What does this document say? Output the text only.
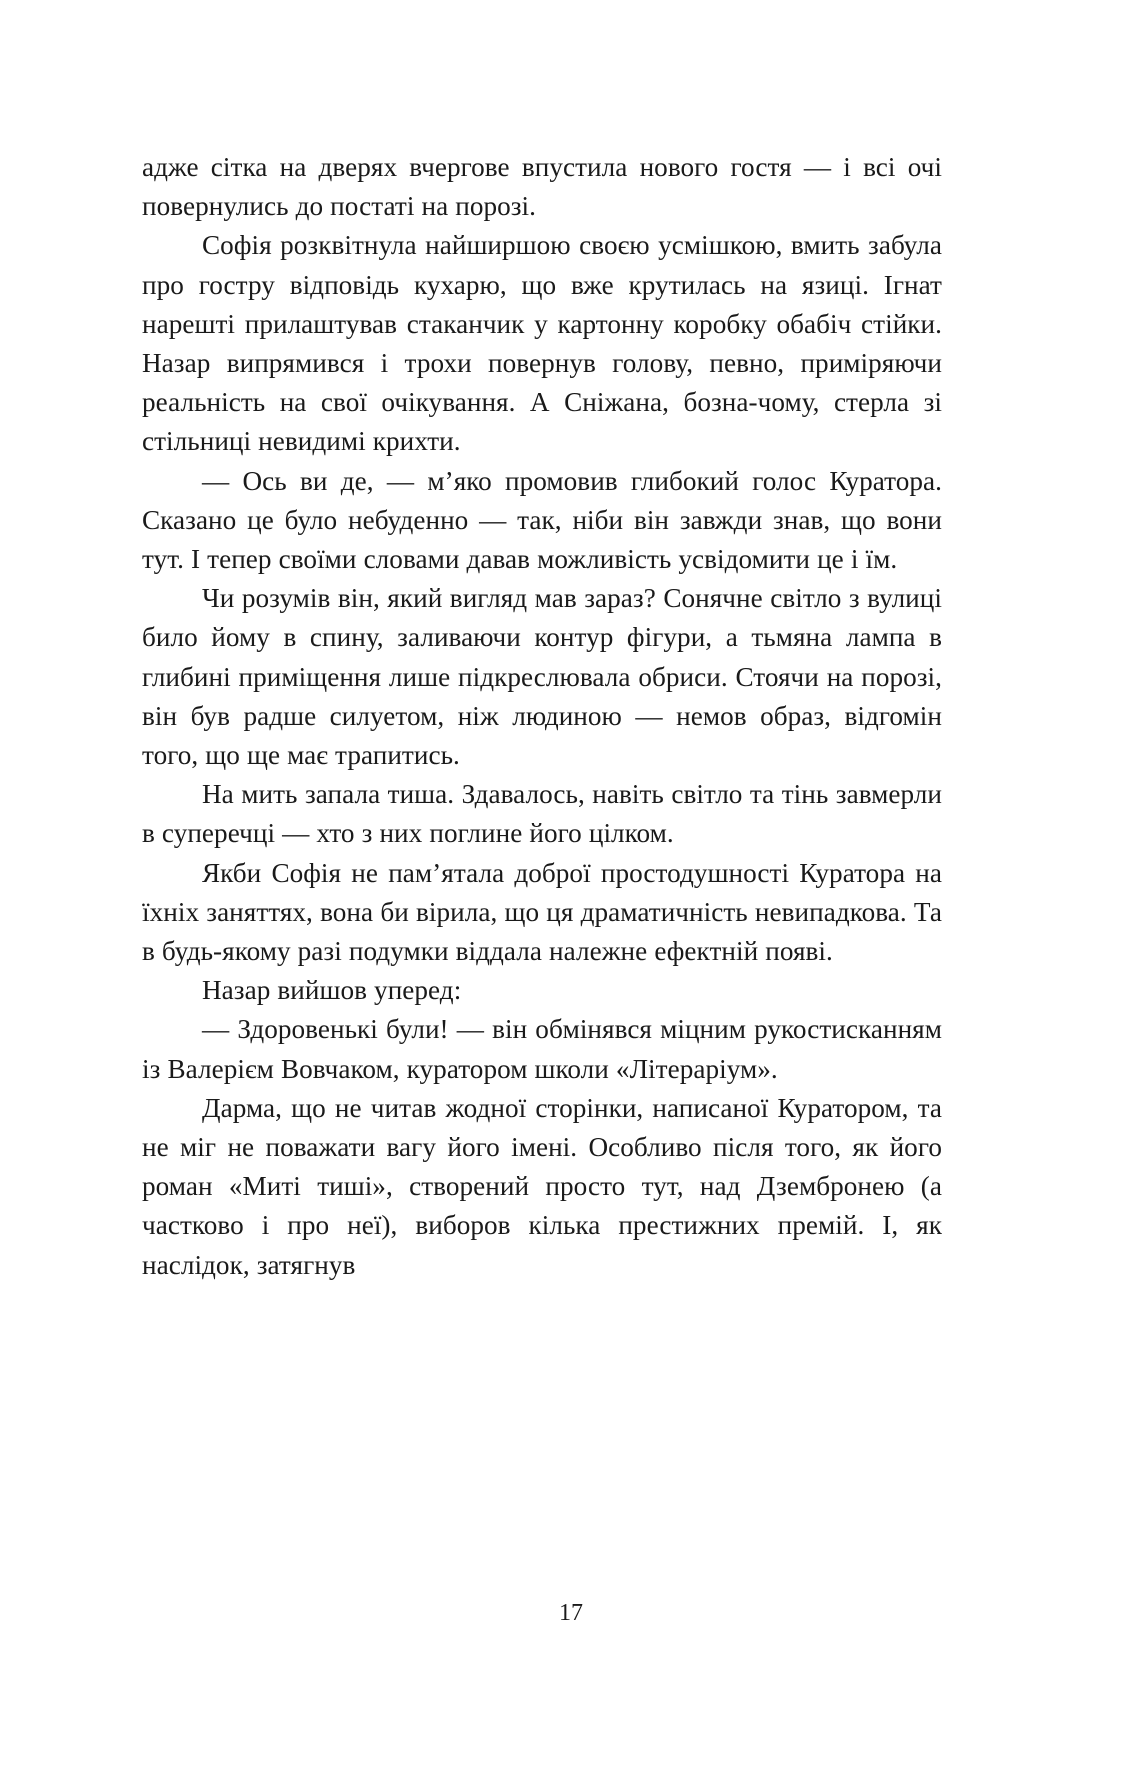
адже сітка на дверях вчергове впустила нового гостя — і всі очі повернулись до постаті на порозі.

Софія розквітнула найширшою своєю усмішкою, вмить забула про гостру відповідь кухарю, що вже крутилась на язиці. Ігнат нарешті прилаштував стаканчик у картонну коробку обабіч стійки. Назар випрямився і трохи повернув голову, певно, приміряючи реальність на свої очікування. А Сніжана, бозна-чому, стерла зі стільниці невидимі крихти.

— Ось ви де, — м’яко промовив глибокий голос Куратора. Сказано це було небуденно — так, ніби він завжди знав, що вони тут. І тепер своїми словами давав можливість усвідомити це і їм.

Чи розумів він, який вигляд мав зараз? Сонячне світло з вулиці било йому в спину, заливаючи контур фігури, а тьмяна лампа в глибині приміщення лише підкреслювала обриси. Стоячи на порозі, він був радше силуетом, ніж людиною — немов образ, відгомін того, що ще має трапитись.

На мить запала тиша. Здавалось, навіть світло та тінь завмерли в суперечці — хто з них поглине його цілком.

Якби Софія не пам’ятала доброї простодушності Куратора на їхніх заняттях, вона би вірила, що ця драматичність невипадкова. Та в будь-якому разі подумки віддала належне ефектній появі.

Назар вийшов уперед:

— Здоровенькі були! — він обмінявся міцним рукостисканням із Валерієм Вовчаком, куратором школи «Літераріум».

Дарма, що не читав жодної сторінки, написаної Куратором, та не міг не поважати вагу його імені. Особливо після того, як його роман «Миті тиші», створений просто тут, над Дзембронею (а частково і про неї), виборов кілька престижних премій. І, як наслідок, затягнув

17
